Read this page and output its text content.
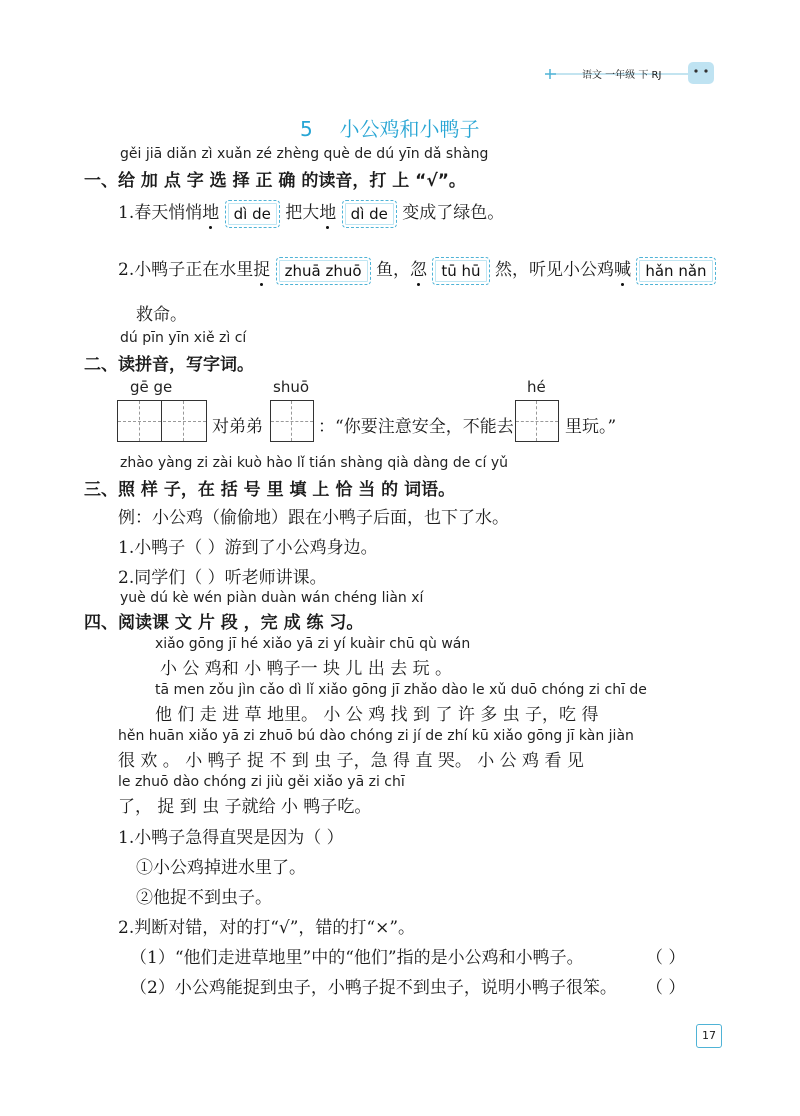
语文 一年级 下 RJ
5 小公鸡和小鸭子
gěi jiā diǎn zì xuǎn zé zhèng què de dú yīn dǎ shàng
一、给 加 点 字 选 择 正 确 的读音，打 上 “√”。
1.春天悄悄地 dì de 把大地 dì de 变成了绿色。
2.小鸭子正在水里捉 zhuā zhuō 鱼，忽 tū hū 然，听见小公鸡喊 hǎn nǎn
救命。
dú pīn yīn xiě zì cí
二、读拼音，写字词。
gē ge	shuō	hé
对弟弟	：“你要注意安全，不能去	里玩。”
zhào yàng zi zài kuò hào lǐ tián shàng qià dàng de cí yǔ
三、照 样 子，在 括 号 里 填 上 恰 当 的 词语。
例：小公鸡（偷偷地）跟在小鸭子后面，也下了水。
1.小鸭子（ ）游到了小公鸡身边。
2.同学们（ ）听老师讲课。
yuè dú kè wén piàn duàn wán chéng liàn xí
四、阅读课 文 片 段 ，完 成 练 习。
xiǎo gōng jī hé xiǎo yā zi yí kuàir chū qù wán
小 公 鸡和 小 鸭子一 块 儿 出 去 玩 。
tā men zǒu jìn cǎo dì lǐ xiǎo gōng jī zhǎo dào le xǔ duō chóng zi chī de
他 们 走 进 草 地里。 小 公 鸡 找 到 了 许 多 虫 子，吃 得
hěn huān xiǎo yā zi zhuō bú dào chóng zi jí de zhí kū xiǎo gōng jī kàn jiàn
很 欢 。 小 鸭子 捉 不 到 虫 子，急 得 直 哭。 小 公 鸡 看 见
le zhuō dào chóng zi jiù gěi xiǎo yā zi chī
了， 捉 到 虫 子就给 小 鸭子吃。
1.小鸭子急得直哭是因为（ ）
①小公鸡掉进水里了。
②他捉不到虫子。
2.判断对错，对的打“√”，错的打“×”。
（1）“他们走进草地里”中的“他们”指的是小公鸡和小鸭子。	（ ）
（2）小公鸡能捉到虫子，小鸭子捉不到虫子，说明小鸭子很笨。 （ ）
17
